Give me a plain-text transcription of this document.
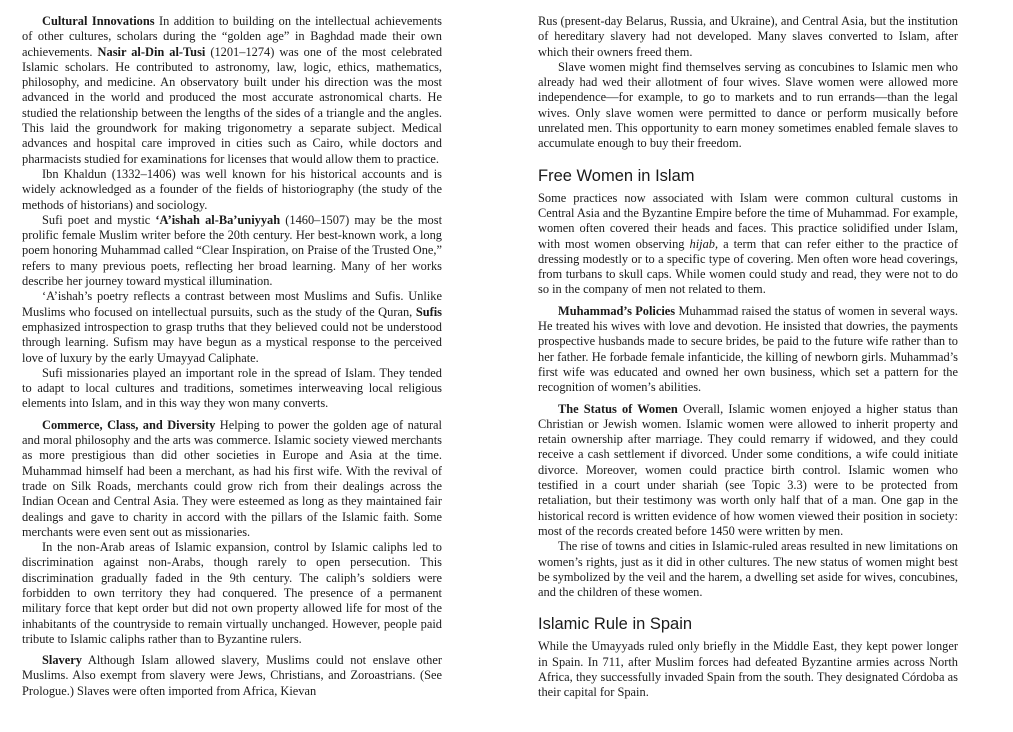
Cultural Innovations In addition to building on the intellectual achievements of other cultures, scholars during the “golden age” in Baghdad made their own achievements. Nasir al-Din al-Tusi (1201–1274) was one of the most celebrated Islamic scholars. He contributed to astronomy, law, logic, ethics, mathematics, philosophy, and medicine. An observatory built under his direction was the most advanced in the world and produced the most accurate astronomical charts. He studied the relationship between the lengths of the sides of a triangle and the angles. This laid the groundwork for making trigonometry a separate subject. Medical advances and hospital care improved in cities such as Cairo, while doctors and pharmacists studied for examinations for licenses that would allow them to practice.

Ibn Khaldun (1332–1406) was well known for his historical accounts and is widely acknowledged as a founder of the fields of historiography (the study of the methods of historians) and sociology.

Sufi poet and mystic ‘A’ishah al-Ba’uniyyah (1460–1507) may be the most prolific female Muslim writer before the 20th century. Her best-known work, a long poem honoring Muhammad called “Clear Inspiration, on Praise of the Trusted One,” refers to many previous poets, reflecting her broad learning. Many of her works describe her journey toward mystical illumination.

‘A’ishah’s poetry reflects a contrast between most Muslims and Sufis. Unlike Muslims who focused on intellectual pursuits, such as the study of the Quran, Sufis emphasized introspection to grasp truths that they believed could not be understood through learning. Sufism may have begun as a mystical response to the perceived love of luxury by the early Umayyad Caliphate.

Sufi missionaries played an important role in the spread of Islam. They tended to adapt to local cultures and traditions, sometimes interweaving local religious elements into Islam, and in this way they won many converts.

Commerce, Class, and Diversity Helping to power the golden age of natural and moral philosophy and the arts was commerce. Islamic society viewed merchants as more prestigious than did other societies in Europe and Asia at the time. Muhammad himself had been a merchant, as had his first wife. With the revival of trade on Silk Roads, merchants could grow rich from their dealings across the Indian Ocean and Central Asia. They were esteemed as long as they maintained fair dealings and gave to charity in accord with the pillars of the Islamic faith. Some merchants were even sent out as missionaries.

In the non-Arab areas of Islamic expansion, control by Islamic caliphs led to discrimination against non-Arabs, though rarely to open persecution. This discrimination gradually faded in the 9th century. The caliph’s soldiers were forbidden to own territory they had conquered. The presence of a permanent military force that kept order but did not own property allowed life for most of the inhabitants of the countryside to remain virtually unchanged. However, people paid tribute to Islamic caliphs rather than to Byzantine rulers.

Slavery Although Islam allowed slavery, Muslims could not enslave other Muslims. Also exempt from slavery were Jews, Christians, and Zoroastrians. (See Prologue.) Slaves were often imported from Africa, Kievan

Rus (present-day Belarus, Russia, and Ukraine), and Central Asia, but the institution of hereditary slavery had not developed. Many slaves converted to Islam, after which their owners freed them.

Slave women might find themselves serving as concubines to Islamic men who already had wed their allotment of four wives. Slave women were allowed more independence—for example, to go to markets and to run errands—than the legal wives. Only slave women were permitted to dance or perform musically before unrelated men. This opportunity to earn money sometimes enabled female slaves to accumulate enough to buy their freedom.

Free Women in Islam

Some practices now associated with Islam were common cultural customs in Central Asia and the Byzantine Empire before the time of Muhammad. For example, women often covered their heads and faces. This practice solidified under Islam, with most women observing hijab, a term that can refer either to the practice of dressing modestly or to a specific type of covering. Men often wore head coverings, from turbans to skull caps. While women could study and read, they were not to do so in the company of men not related to them.

Muhammad’s Policies Muhammad raised the status of women in several ways. He treated his wives with love and devotion. He insisted that dowries, the payments prospective husbands made to secure brides, be paid to the future wife rather than to her father. He forbade female infanticide, the killing of newborn girls. Muhammad’s first wife was educated and owned her own business, which set a pattern for the recognition of women’s abilities.

The Status of Women Overall, Islamic women enjoyed a higher status than Christian or Jewish women. Islamic women were allowed to inherit property and retain ownership after marriage. They could remarry if widowed, and they could receive a cash settlement if divorced. Under some conditions, a wife could initiate divorce. Moreover, women could practice birth control. Islamic women who testified in a court under shariah (see Topic 3.3) were to be protected from retaliation, but their testimony was worth only half that of a man. One gap in the historical record is written evidence of how women viewed their position in society: most of the records created before 1450 were written by men.

The rise of towns and cities in Islamic-ruled areas resulted in new limitations on women’s rights, just as it did in other cultures. The new status of women might best be symbolized by the veil and the harem, a dwelling set aside for wives, concubines, and the children of these women.

Islamic Rule in Spain

While the Umayyads ruled only briefly in the Middle East, they kept power longer in Spain. In 711, after Muslim forces had defeated Byzantine armies across North Africa, they successfully invaded Spain from the south. They designated Córdoba as their capital for Spain.
